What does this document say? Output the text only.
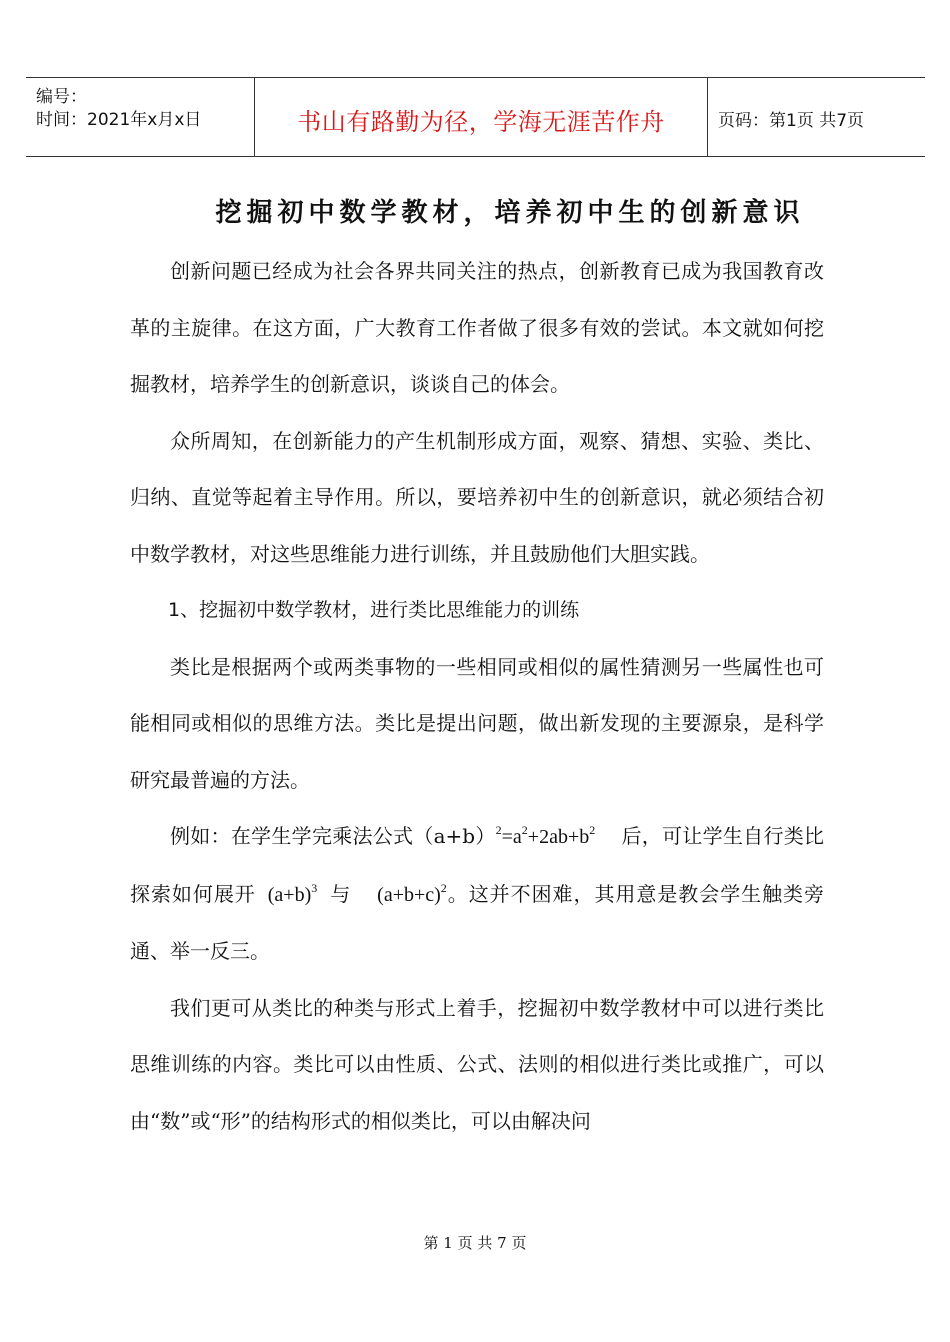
编号：
时间：2021年x月x日	书山有路勤为径，学海无涯苦作舟	页码：第1页 共7页
挖掘初中数学教材，培养初中生的创新意识

创新问题已经成为社会各界共同关注的热点，创新教育已成为我国教育改革的主旋律。在这方面，广大教育工作者做了很多有效的尝试。本文就如何挖掘教材，培养学生的创新意识，谈谈自己的体会。

众所周知，在创新能力的产生机制形成方面，观察、猜想、实验、类比、归纳、直觉等起着主导作用。所以，要培养初中生的创新意识，就必须结合初中数学教材，对这些思维能力进行训练，并且鼓励他们大胆实践。

1、挖掘初中数学教材，进行类比思维能力的训练

类比是根据两个或两类事物的一些相同或相似的属性猜测另一些属性也可能相同或相似的思维方法。类比是提出问题，做出新发现的主要源泉，是科学研究最普遍的方法。

例如：在学生学完乘法公式$(a+b)^2=a^2+2ab+b^2$ 后，可让学生自行类比探索如何展开 $(a+b)^3$ 与 $(a+b+c)^2$。这并不困难，其用意是教会学生触类旁通、举一反三。

我们更可从类比的种类与形式上着手，挖掘初中数学教材中可以进行类比思维训练的内容。类比可以由性质、公式、法则的相似进行类比或推广，可以由“数”或“形”的结构形式的相似类比，可以由解决问

第 1 页 共 7 页
